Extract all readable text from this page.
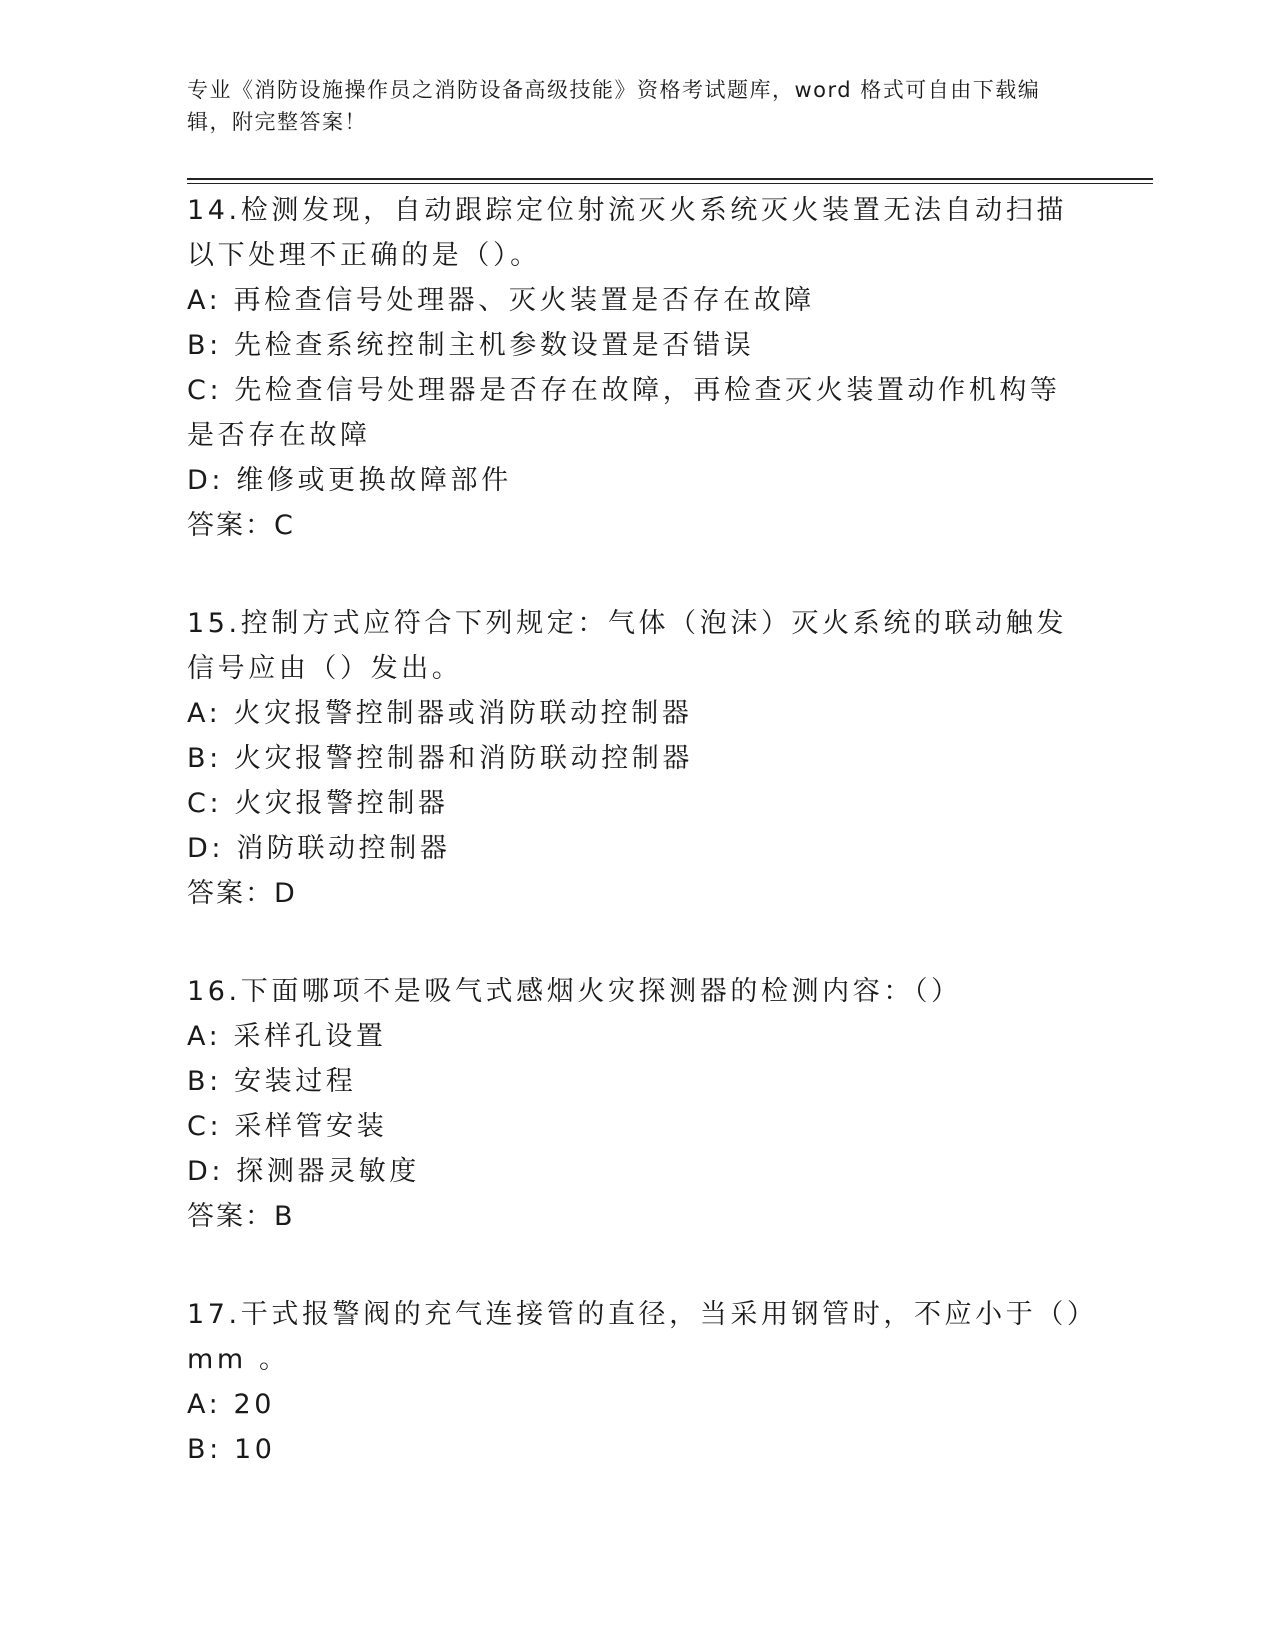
专业《消防设施操作员之消防设备高级技能》资格考试题库，word 格式可自由下载编辑，附完整答案！

14.检测发现，自动跟踪定位射流灭火系统灭火装置无法自动扫描以下处理不正确的是（）。

A: 再检查信号处理器、灭火装置是否存在故障

B: 先检查系统控制主机参数设置是否错误

C: 先检查信号处理器是否存在故障，再检查灭火装置动作机构等是否存在故障

D: 维修或更换故障部件

答案：C

15.控制方式应符合下列规定：气体（泡沫）灭火系统的联动触发信号应由（）发出。

A: 火灾报警控制器或消防联动控制器

B: 火灾报警控制器和消防联动控制器

C: 火灾报警控制器

D: 消防联动控制器

答案：D

16.下面哪项不是吸气式感烟火灾探测器的检测内容：（）

A: 采样孔设置

B: 安装过程

C: 采样管安装

D: 探测器灵敏度

答案：B

17.干式报警阀的充气连接管的直径，当采用钢管时，不应小于（）mm 。

A: 20

B: 10
